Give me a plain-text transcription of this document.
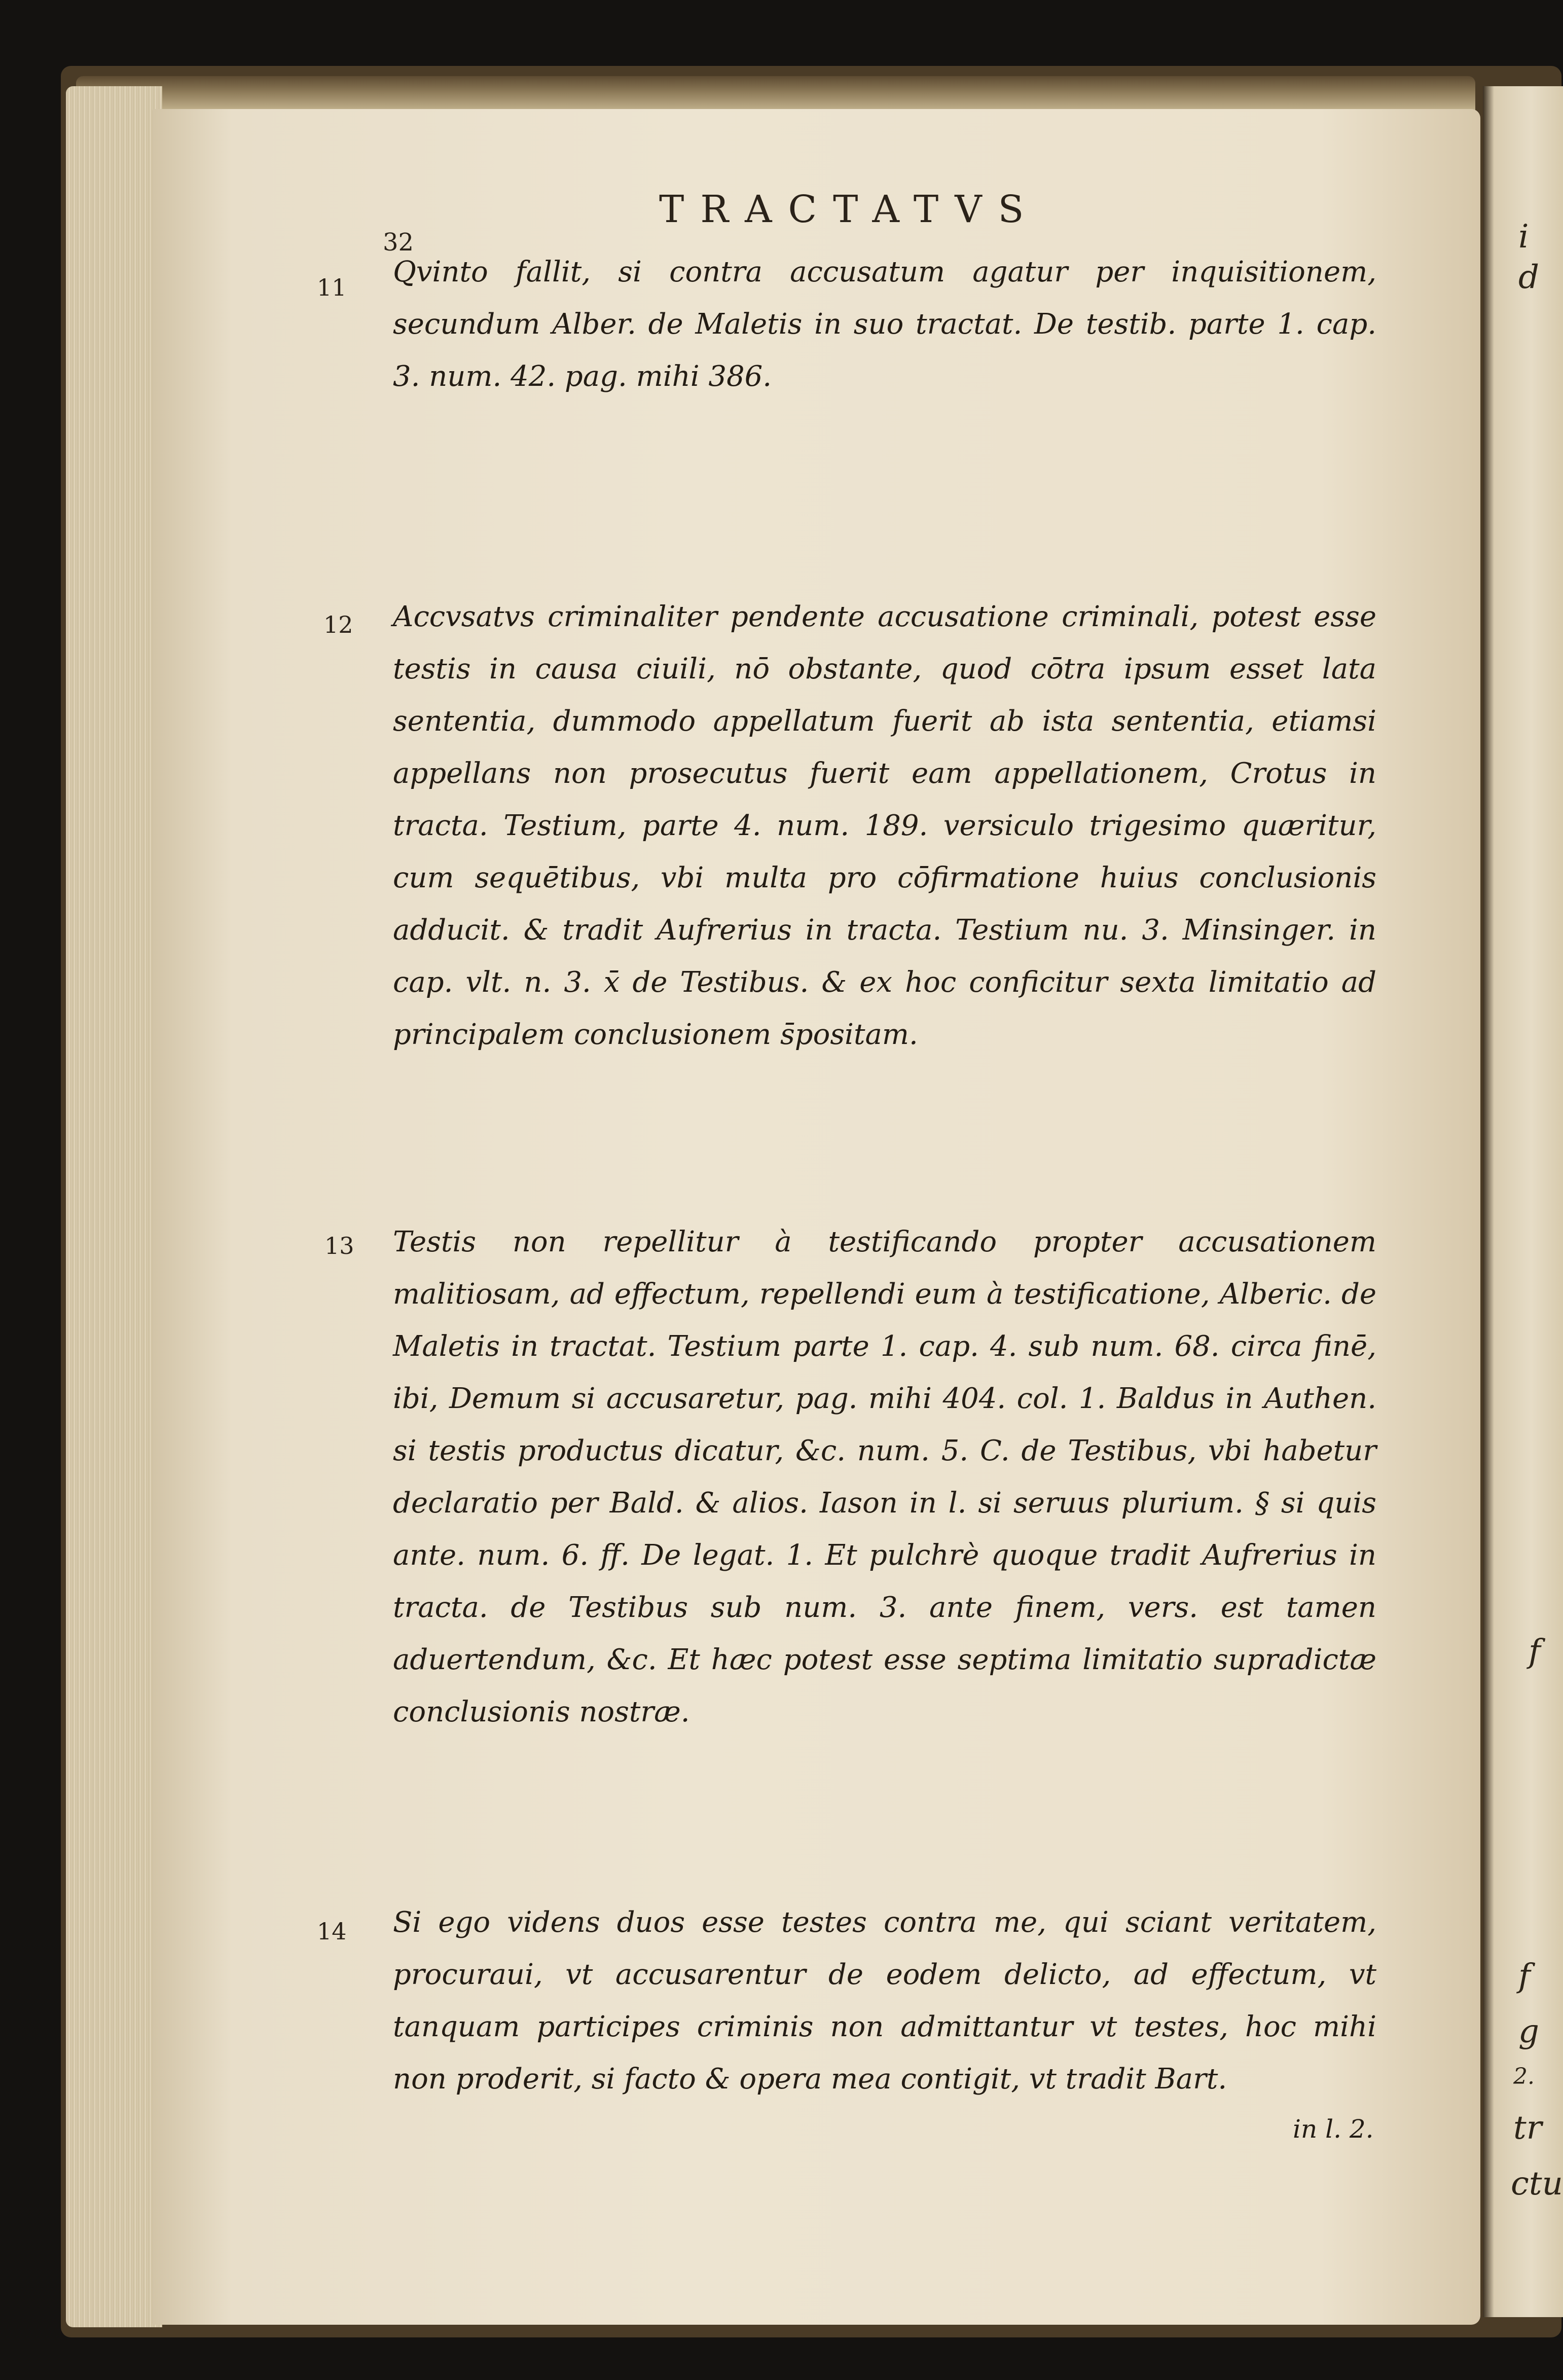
i
d
f
f
g
2.
tr
ctu
TRACTATVS
32
11 Qvinto fallit, si contra accusatum agatur per inquisitionem, secundum Alber. de Maletis in suo tractat. De testib. parte 1. cap. 3. num. 42. pag. mihi 386.

12 Accvsatvs criminaliter pendente accusatione criminali, potest esse testis in causa ciuili, nō obstante, quod cōtra ipsum esset lata sententia, dummodo appellatum fuerit ab ista sententia, etiamsi appellans non prosecutus fuerit eam appellationem, Crotus in tracta. Testium, parte 4. num. 189. versiculo trigesimo quæritur, cum sequētibus, vbi multa pro cōfirmatione huius conclusionis adducit. & tradit Aufrerius in tracta. Testium nu. 3. Minsinger. in cap. vlt. n. 3. x̄ de Testibus. & ex hoc conficitur sexta limitatio ad principalem conclusionem s̄positam.

13 Testis non repellitur à testificando propter accusationem malitiosam, ad effectum, repellendi eum à testificatione, Alberic. de Maletis in tractat. Testium parte 1. cap. 4. sub num. 68. circa finē, ibi, Demum si accusaretur, pag. mihi 404. col. 1. Baldus in Authen. si testis productus dicatur, &c. num. 5. C. de Testibus, vbi habetur declaratio per Bald. & alios. Iason in l. si seruus plurium. § si quis ante. num. 6. ff. De legat. 1. Et pulchrè quoque tradit Aufrerius in tracta. de Testibus sub num. 3. ante finem, vers. est tamen aduertendum, &c. Et hæc potest esse septima limitatio supradictæ conclusionis nostræ.

14 Si ego videns duos esse testes contra me, qui sciant veritatem, procuraui, vt accusarentur de eodem delicto, ad effectum, vt tanquam participes criminis non admittantur vt testes, hoc mihi non proderit, si facto & opera mea contigit, vt tradit Bart.

in l. 2.
